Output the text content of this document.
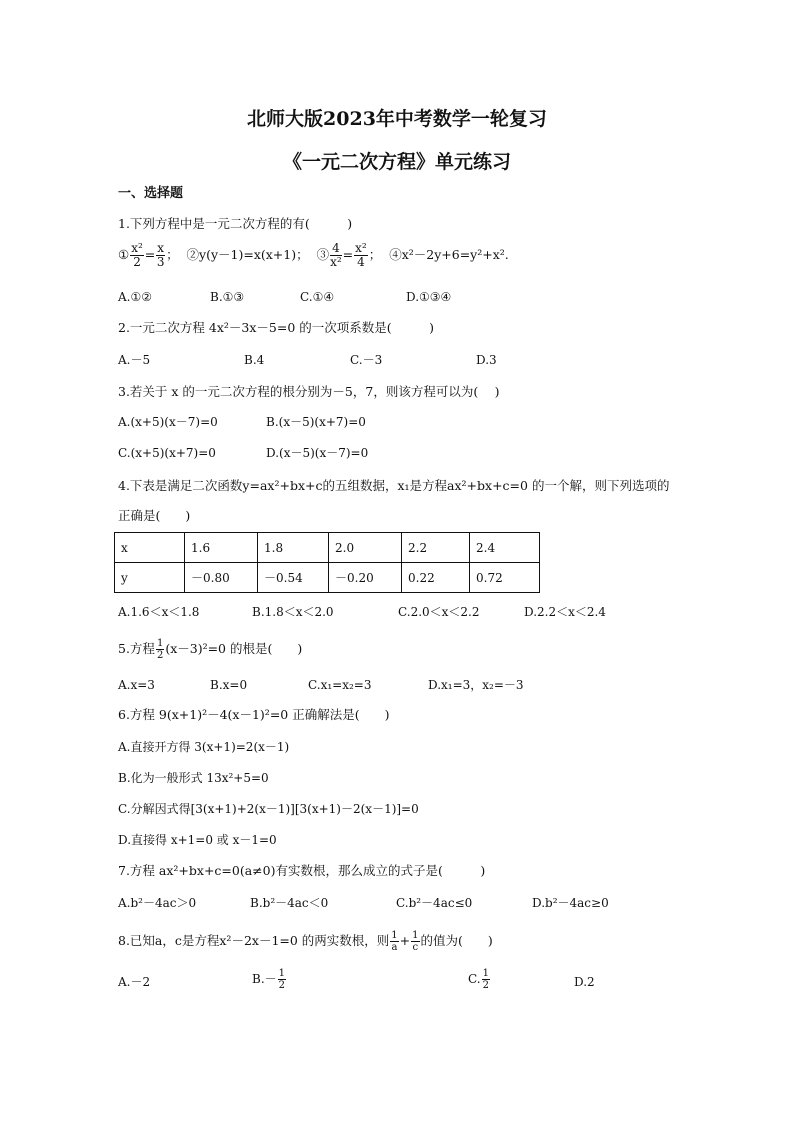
北师大版2023年中考数学一轮复习
《一元二次方程》单元练习
一、选择题
1.下列方程中是一元二次方程的有(　　　)
① $\frac{\text{x²}}{2} = \frac{x}{3}$ ； ②y(y－1)=x(x+1)； ③ $\frac{4}{\text{x²}} = \frac{\text{x²}}{4}$ ； ④x²－2y+6=y²+x².
A.①②	B.①③	C.①④	D.①③④
2.一元二次方程 4x²－3x－5=0 的一次项系数是(　　　)
A.－5	B.4	C.－3	D.3
3.若关于 x 的一元二次方程的根分别为－5，7，则该方程可以为(　 )
A.(x+5)(x－7)=0	B.(x－5)(x+7)=0
C.(x+5)(x+7)=0	D.(x－5)(x－7)=0
4.下表是满足二次函数y=ax²+bx+c的五组数据，x₁是方程ax²+bx+c=0 的一个解，则下列选项的
正确是(　　)
x	1.6	1.8	2.0	2.2	2.4
y	－0.80	－0.54	－0.20	0.22	0.72
A.1.6＜x＜1.8	B.1.8＜x＜2.0	C.2.0＜x＜2.2	D.2.2＜x＜2.4
5.方程 $\frac{1}{2} (x-3)^2=0$ 的根是(　　)
A.x=3	B.x=0	C.x₁=x₂=3	D.x₁=3，x₂=－3
6.方程 9(x+1)²－4(x－1)²=0 正确解法是(　　)
A.直接开方得 3(x+1)=2(x－1)
B.化为一般形式 13x²+5=0
C.分解因式得[3(x+1)+2(x－1)][3(x+1)－2(x－1)]=0
D.直接得 x+1=0 或 x－1=0
7.方程 ax²+bx+c=0(a≠0)有实数根，那么成立的式子是(　　　)
A.b²－4ac＞0	B.b²－4ac＜0	C.b²－4ac≤0	D.b²－4ac≥0
8.已知a，c是方程x²－2x－1=0 的两实数根，则 $\frac{1}{a} + \frac{1}{c}$ 的值为(　　)
A.－2	$B.- \frac{1}{2}$	C. $\frac{1}{2}$	D.2
